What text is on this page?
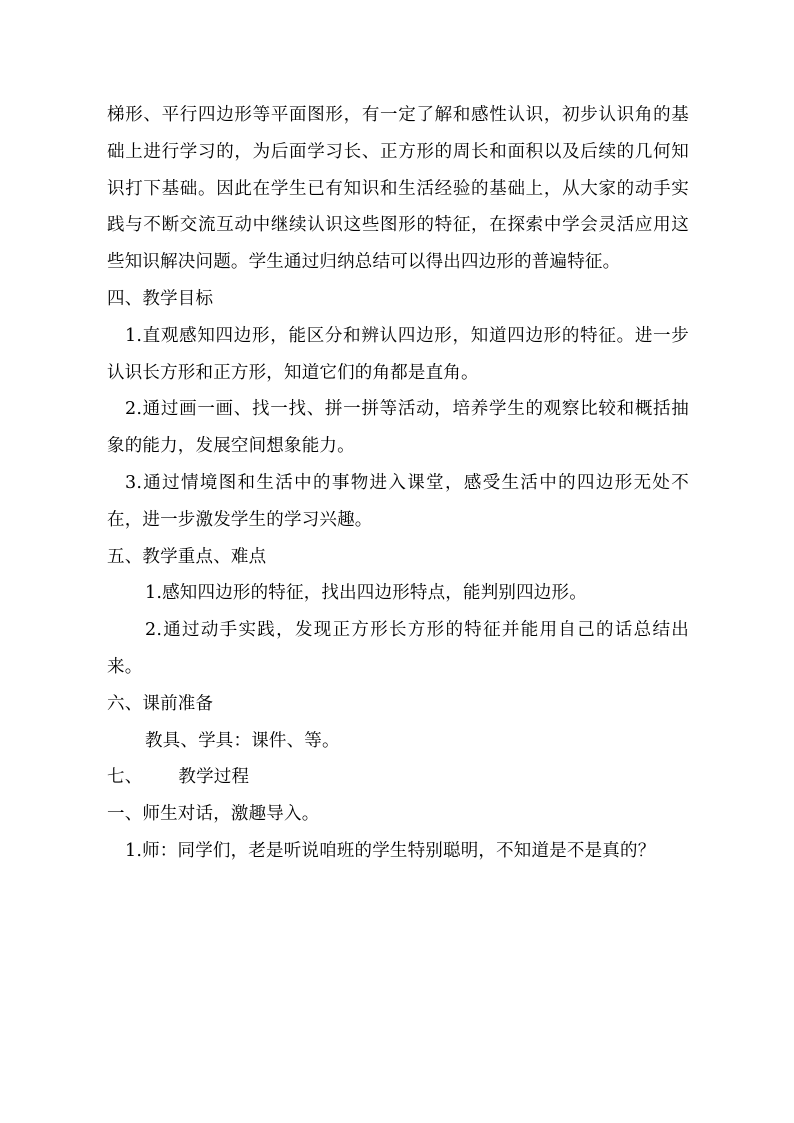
梯形、平行四边形等平面图形，有一定了解和感性认识，初步认识角的基础上进行学习的，为后面学习长、正方形的周长和面积以及后续的几何知识打下基础。因此在学生已有知识和生活经验的基础上，从大家的动手实践与不断交流互动中继续认识这些图形的特征，在探索中学会灵活应用这些知识解决问题。学生通过归纳总结可以得出四边形的普遍特征。

四、教学目标

1.直观感知四边形，能区分和辨认四边形，知道四边形的特征。进一步认识长方形和正方形，知道它们的角都是直角。

2.通过画一画、找一找、拼一拼等活动，培养学生的观察比较和概括抽象的能力，发展空间想象能力。

3.通过情境图和生活中的事物进入课堂，感受生活中的四边形无处不在，进一步激发学生的学习兴趣。

五、教学重点、难点

1.感知四边形的特征，找出四边形特点，能判别四边形。

2.通过动手实践，发现正方形长方形的特征并能用自己的话总结出来。

六、课前准备

教具、学具：课件、等。

七、 教学过程

一、师生对话，激趣导入。

1.师：同学们，老是听说咱班的学生特别聪明，不知道是不是真的？
